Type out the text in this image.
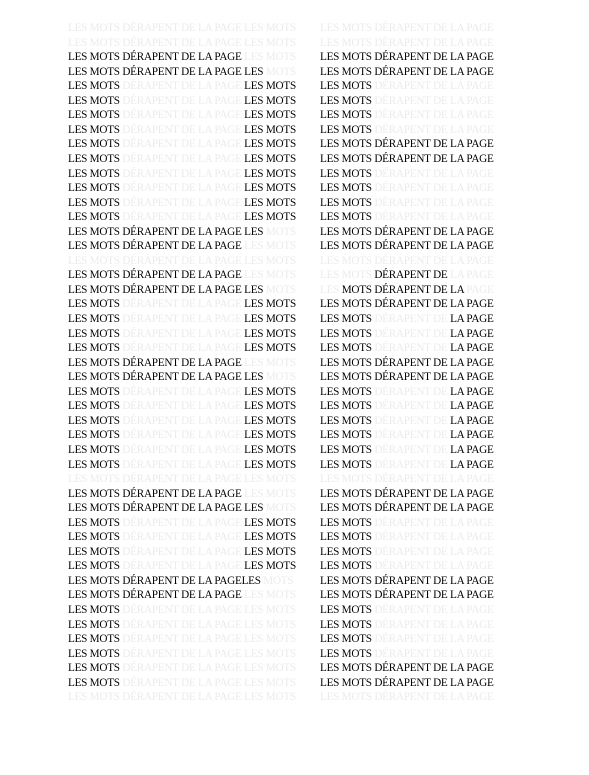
LES MOTS DÉRAPENT DE LA PAGE LES MOTS
LES MOTS DÉRAPENT DE LA PAGE LES MOTS
LES MOTS DÉRAPENT DE LA PAGE LES MOTS
LES MOTS DÉRAPENT DE LA PAGE LES MOTS
LES MOTS DÉRAPENT DE LA PAGE LES MOTS
LES MOTS DÉRAPENT DE LA PAGE LES MOTS
LES MOTS DÉRAPENT DE LA PAGE LES MOTS
LES MOTS DÉRAPENT DE LA PAGE LES MOTS
LES MOTS DÉRAPENT DE LA PAGE LES MOTS
LES MOTS DÉRAPENT DE LA PAGE LES MOTS
LES MOTS DÉRAPENT DE LA PAGE LES MOTS
LES MOTS DÉRAPENT DE LA PAGE LES MOTS
LES MOTS DÉRAPENT DE LA PAGE LES MOTS
LES MOTS DÉRAPENT DE LA PAGE LES MOTS
LES MOTS DÉRAPENT DE LA PAGE LES MOTS
LES MOTS DÉRAPENT DE LA PAGE LES MOTS
LES MOTS DÉRAPENT DE LA PAGE LES MOTS
LES MOTS DÉRAPENT DE LA PAGE LES MOTS
LES MOTS DÉRAPENT DE LA PAGE LES MOTS
LES MOTS DÉRAPENT DE LA PAGE LES MOTS
LES MOTS DÉRAPENT DE LA PAGE LES MOTS
LES MOTS DÉRAPENT DE LA PAGE LES MOTS
LES MOTS DÉRAPENT DE LA PAGE LES MOTS
LES MOTS DÉRAPENT DE LA PAGE LES MOTS
LES MOTS DÉRAPENT DE LA PAGE LES MOTS
LES MOTS DÉRAPENT DE LA PAGE LES MOTS
LES MOTS DÉRAPENT DE LA PAGE LES MOTS
LES MOTS DÉRAPENT DE LA PAGE LES MOTS
LES MOTS DÉRAPENT DE LA PAGE LES MOTS
LES MOTS DÉRAPENT DE LA PAGE LES MOTS
LES MOTS DÉRAPENT DE LA PAGE LES MOTS
LES MOTS DÉRAPENT DE LA PAGE LES MOTS
LES MOTS DÉRAPENT DE LA PAGE LES MOTS
LES MOTS DÉRAPENT DE LA PAGE LES MOTS
LES MOTS DÉRAPENT DE LA PAGE LES MOTS
LES MOTS DÉRAPENT DE LA PAGE LES MOTS
LES MOTS DÉRAPENT DE LA PAGE LES MOTS
LES MOTS DÉRAPENT DE LA PAGE LES MOTS
LES MOTS DÉRAPENT DE LA PAGELES MOTS
LES MOTS DÉRAPENT DE LA PAGE LES MOTS
LES MOTS DÉRAPENT DE LA PAGE LES MOTS
LES MOTS DÉRAPENT DE LA PAGE LES MOTS
LES MOTS DÉRAPENT DE LA PAGE LES MOTS
LES MOTS DÉRAPENT DE LA PAGE LES MOTS
LES MOTS DÉRAPENT DE LA PAGE LES MOTS
LES MOTS DÉRAPENT DE LA PAGE LES MOTS
LES MOTS DÉRAPENT DE LA PAGE LES MOTS
LES MOTS DÉRAPENT DE LA PAGE
LES MOTS DÉRAPENT DE LA PAGE
LES MOTS DÉRAPENT DE LA PAGE
LES MOTS DÉRAPENT DE LA PAGE
LES MOTS DÉRAPENT DE LA PAGE
LES MOTS DÉRAPENT DE LA PAGE
LES MOTS DÉRAPENT DE LA PAGE
LES MOTS DÉRAPENT DE LA PAGE
LES MOTS DÉRAPENT DE LA PAGE
LES MOTS DÉRAPENT DE LA PAGE
LES MOTS DÉRAPENT DE LA PAGE
LES MOTS DÉRAPENT DE LA PAGE
LES MOTS DÉRAPENT DE LA PAGE
LES MOTS DÉRAPENT DE LA PAGE
LES MOTS DÉRAPENT DE LA PAGE
LES MOTS DÉRAPENT DE LA PAGE
LES MOTS DÉRAPENT DE LA PAGE
LES MOTS DÉRAPENT DE LA PAGE
LES MOTS DÉRAPENT DE LA PAGE
LES MOTS DÉRAPENT DE LA PAGE
LES MOTS DÉRAPENT DE LA PAGE
LES MOTS DÉRAPENT DE LA PAGE
LES MOTS DÉRAPENT DE LA PAGE
LES MOTS DÉRAPENT DE LA PAGE
LES MOTS DÉRAPENT DE LA PAGE
LES MOTS DÉRAPENT DE LA PAGE
LES MOTS DÉRAPENT DE LA PAGE
LES MOTS DÉRAPENT DE LA PAGE
LES MOTS DÉRAPENT DE LA PAGE
LES MOTS DÉRAPENT DE LA PAGE
LES MOTS DÉRAPENT DE LA PAGE
LES MOTS DÉRAPENT DE LA PAGE
LES MOTS DÉRAPENT DE LA PAGE
LES MOTS DÉRAPENT DE LA PAGE
LES MOTS DÉRAPENT DE LA PAGE
LES MOTS DÉRAPENT DE LA PAGE
LES MOTS DÉRAPENT DE LA PAGE
LES MOTS DÉRAPENT DE LA PAGE
LES MOTS DÉRAPENT DE LA PAGE
LES MOTS DÉRAPENT DE LA PAGE
LES MOTS DÉRAPENT DE LA PAGE
LES MOTS DÉRAPENT DE LA PAGE
LES MOTS DÉRAPENT DE LA PAGE
LES MOTS DÉRAPENT DE LA PAGE
LES MOTS DÉRAPENT DE LA PAGE
LES MOTS DÉRAPENT DE LA PAGE
LES MOTS DÉRAPENT DE LA PAGE
